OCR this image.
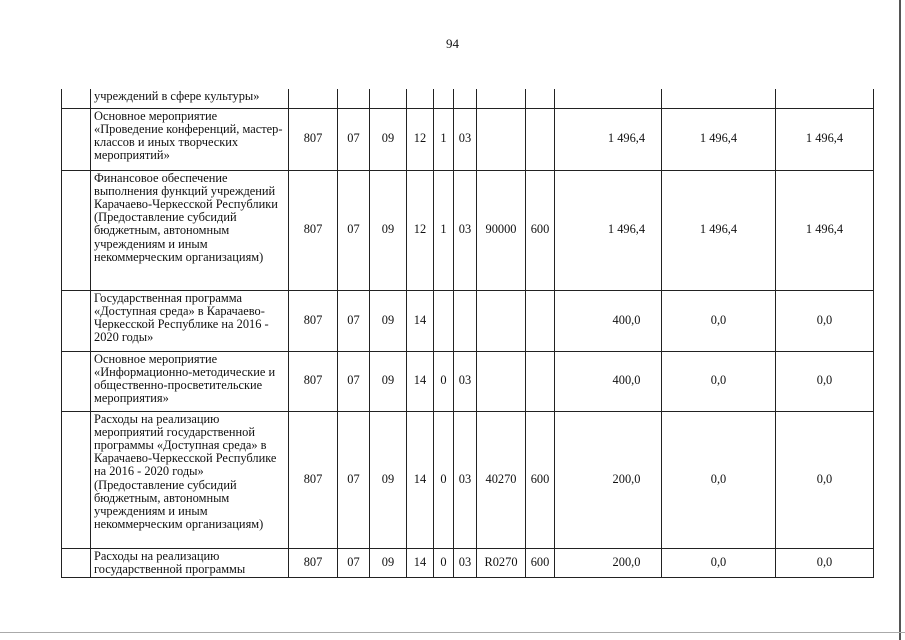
94
	учреждений в сфере культуры»											
	Основное мероприятие «Проведение конференций, мастер-классов и иных творческих мероприятий»	807	07	09	12	1	03			1 496,4	1 496,4	1 496,4
	Финансовое обеспечение выполнения функций учреждений Карачаево-Черкесской Республики (Предоставление субсидий бюджетным, автономным учреждениям и иным некоммерческим организациям)	807	07	09	12	1	03	90000	600	1 496,4	1 496,4	1 496,4
	Государственная программа «Доступная среда» в Карачаево-Черкесской Республике на 2016 - 2020 годы»	807	07	09	14					400,0	0,0	0,0
	Основное мероприятие «Информационно-методические и общественно-просветительские мероприятия»	807	07	09	14	0	03			400,0	0,0	0,0
	Расходы на реализацию мероприятий государственной программы «Доступная среда» в Карачаево-Черкесской Республике на 2016 - 2020 годы» (Предоставление субсидий бюджетным, автономным учреждениям и иным некоммерческим организациям)	807	07	09	14	0	03	40270	600	200,0	0,0	0,0
	Расходы на реализацию государственной программы	807	07	09	14	0	03	R0270	600	200,0	0,0	0,0
